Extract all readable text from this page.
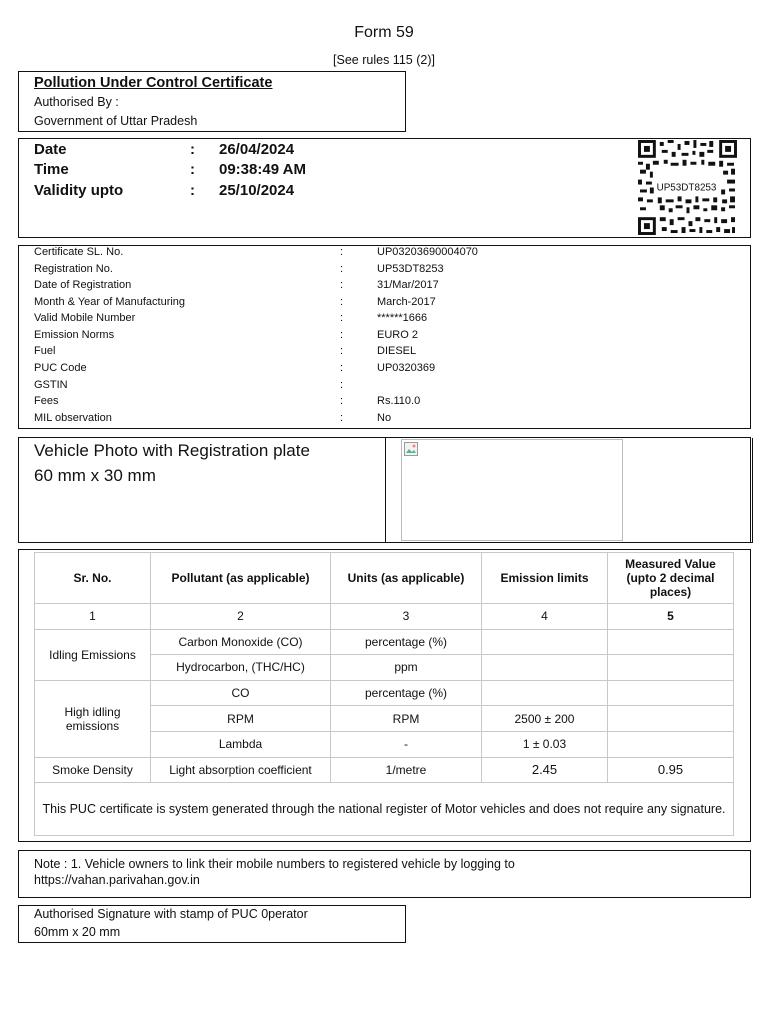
Form 59
[See rules 115 (2)]
Pollution Under Control Certificate
Authorised By :
Government of Uttar Pradesh
Date	: 26/04/2024
Time	: 09:38:49 AM
Validity upto	: 25/10/2024	UP53DT8253
Certificate SL. No.	:	UP03203690004070
Registration No.	:	UP53DT8253
Date of Registration	:	31/Mar/2017
Month & Year of Manufacturing	:	March-2017
Valid Mobile Number	:	******1666
Emission Norms	:	EURO 2
Fuel	:	DIESEL
PUC Code	:	UP0320369
GSTIN	:
Fees	:	Rs.110.0
MIL observation	:	No
Vehicle Photo with Registration plate
60 mm x 30 mm
Sr. No.	Pollutant (as applicable)	Units (as applicable)	Emission limits	Measured Value (upto 2 decimal places)
1	2	3	4	5
Idling Emissions	Carbon Monoxide (CO)	percentage (%)		
	Hydrocarbon, (THC/HC)	ppm		
High idling emissions	CO	percentage (%)		
	RPM	RPM	2500 ± 200	
	Lambda	-	1 ± 0.03	
Smoke Density	Light absorption coefficient	1/metre	2.45	0.95
This PUC certificate is system generated through the national register of Motor vehicles and does not require any signature.				
Note : 1. Vehicle owners to link their mobile numbers to registered vehicle by logging to
https://vahan.parivahan.gov.in
Authorised Signature with stamp of PUC 0perator
60mm x 20 mm
